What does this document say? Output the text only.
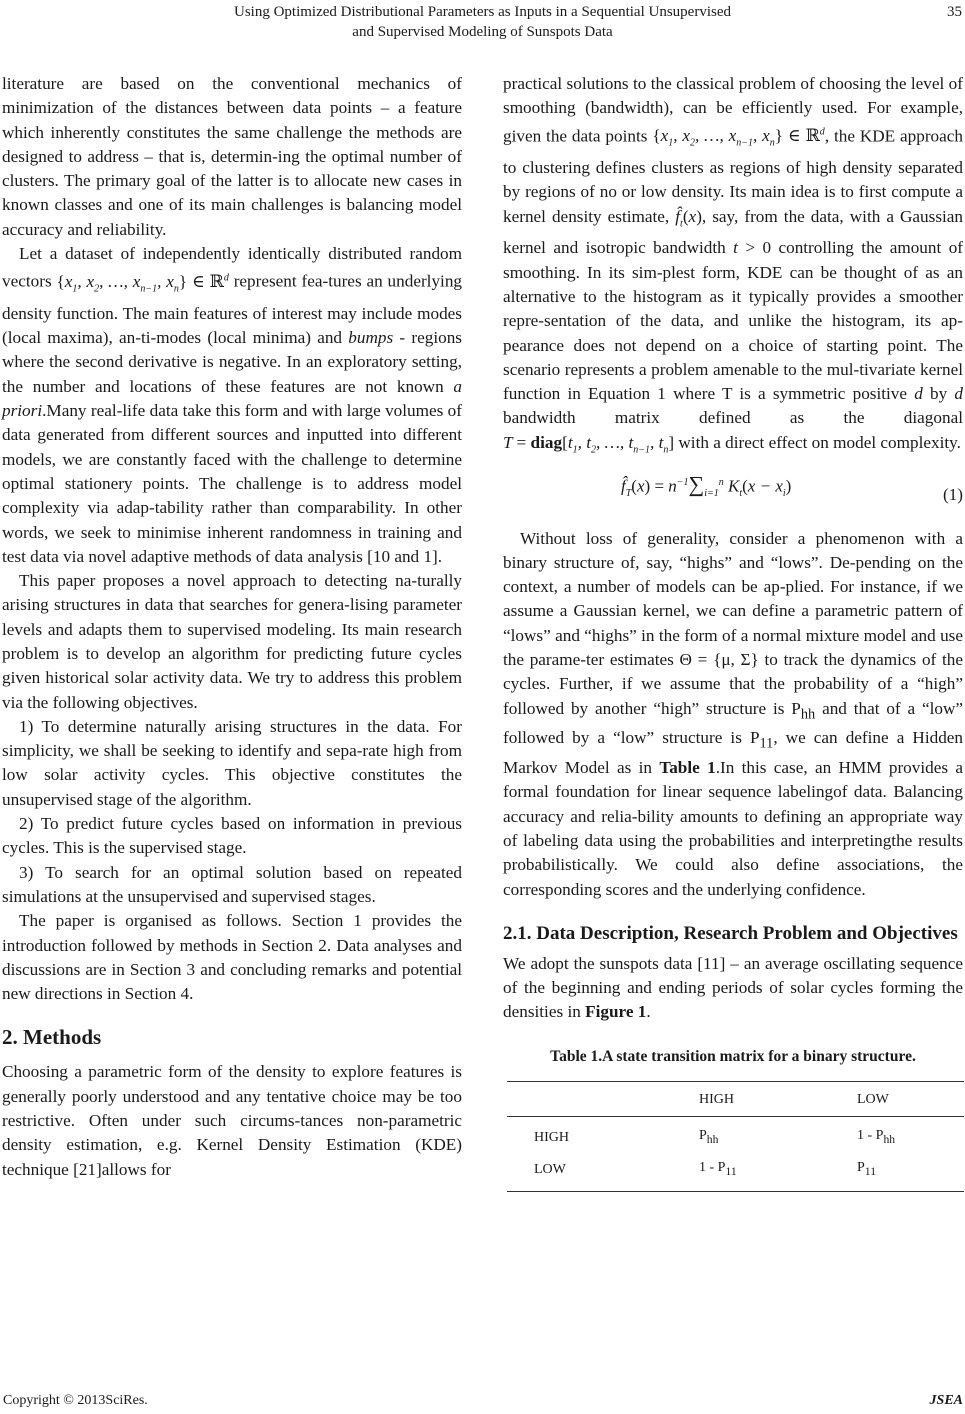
Using Optimized Distributional Parameters as Inputs in a Sequential Unsupervised
and Supervised Modeling of Sunspots Data
35

literature are based on the conventional mechanics of minimization of the distances between data points – a feature which inherently constitutes the same challenge the methods are designed to address – that is, determin-ing the optimal number of clusters. The primary goal of the latter is to allocate new cases in known classes and one of its main challenges is balancing model accuracy and reliability.

Let a dataset of independently identically distributed random vectors {$x_1$, $x_2$, …, $x_{n-1}$, $x_n$} ∈ ℝ$^d$ represent fea-tures an underlying density function. The main features of interest may include modes (local maxima), an-ti-modes (local minima) and bumps - regions where the second derivative is negative. In an exploratory setting, the number and locations of these features are not known a priori.Many real-life data take this form and with large volumes of data generated from different sources and inputted into different models, we are constantly faced with the challenge to determine optimal stationery points. The challenge is to address model complexity via adap-tability rather than comparability. In other words, we seek to minimise inherent randomness in training and test data via novel adaptive methods of data analysis [10 and 1].

This paper proposes a novel approach to detecting na-turally arising structures in data that searches for genera-lising parameter levels and adapts them to supervised modeling. Its main research problem is to develop an algorithm for predicting future cycles given historical solar activity data. We try to address this problem via the following objectives.

1) To determine naturally arising structures in the data. For simplicity, we shall be seeking to identify and sepa-rate high from low solar activity cycles. This objective constitutes the unsupervised stage of the algorithm.

2) To predict future cycles based on information in previous cycles. This is the supervised stage.

3) To search for an optimal solution based on repeated simulations at the unsupervised and supervised stages.

The paper is organised as follows. Section 1 provides the introduction followed by methods in Section 2. Data analyses and discussions are in Section 3 and concluding remarks and potential new directions in Section 4.

2. Methods

Choosing a parametric form of the density to explore features is generally poorly understood and any tentative choice may be too restrictive. Often under such circums-tances non-parametric density estimation, e.g. Kernel Density Estimation (KDE) technique [21]allows for

practical solutions to the classical problem of choosing the level of smoothing (bandwidth), can be efficiently used. For example, given the data points {$x_1$, $x_2$, …, $x_{n-1}$, $x_n$} ∈ ℝ$^d$, the KDE approach to clustering defines clusters as regions of high density separated by regions of no or low density. Its main idea is to first compute a kernel density estimate, $f̂_t(x)$, say, from the data, with a Gaussian kernel and isotropic bandwidth t > 0 controlling the amount of smoothing. In its sim-plest form, KDE can be thought of as an alternative to the histogram as it typically provides a smoother repre-sentation of the data, and unlike the histogram, its ap-pearance does not depend on a choice of starting point. The scenario represents a problem amenable to the mul-tivariate kernel function in Equation 1 where T is a symmetric positive d by d bandwidth matrix defined as the diagonal $T = diag[t_1$, $t_2$, …, $t_{n-1}$, $t_n$] with a direct effect on model complexity.

$f̂_T(x) = n^{-1}\sum_{i=1}^n$ $K_t(x - x_i)$	(1)

Without loss of generality, consider a phenomenon with a binary structure of, say, “highs” and “lows”. De-pending on the context, a number of models can be ap-plied. For instance, if we assume a Gaussian kernel, we can define a parametric pattern of “lows” and “highs” in the form of a normal mixture model and use the parame-ter estimates Θ = {μ, Σ} to track the dynamics of the cycles. Further, if we assume that the probability of a “high” followed by another “high” structure is $P_{hh}$ and that of a “low” followed by a “low” structure is $P_{11}$, we can define a Hidden Markov Model as in Table 1.In this case, an HMM provides a formal foundation for linear sequence labelingof data. Balancing accuracy and relia-bility amounts to defining an appropriate way of labeling data using the probabilities and interpretingthe results probabilistically. We could also define associations, the corresponding scores and the underlying confidence.

2.1. Data Description, Research Problem and Objectives

We adopt the sunspots data [11] – an average oscillating sequence of the beginning and ending periods of solar cycles forming the densities in Figure 1.

Table 1.A state transition matrix for a binary structure.
	HIGH	LOW
HIGH	$P_{hh}$	$1 - P_{hh}$
LOW	$1 - P_{11}$	$P_{11}$
Copyright © 2013SciRes.	JSEA
